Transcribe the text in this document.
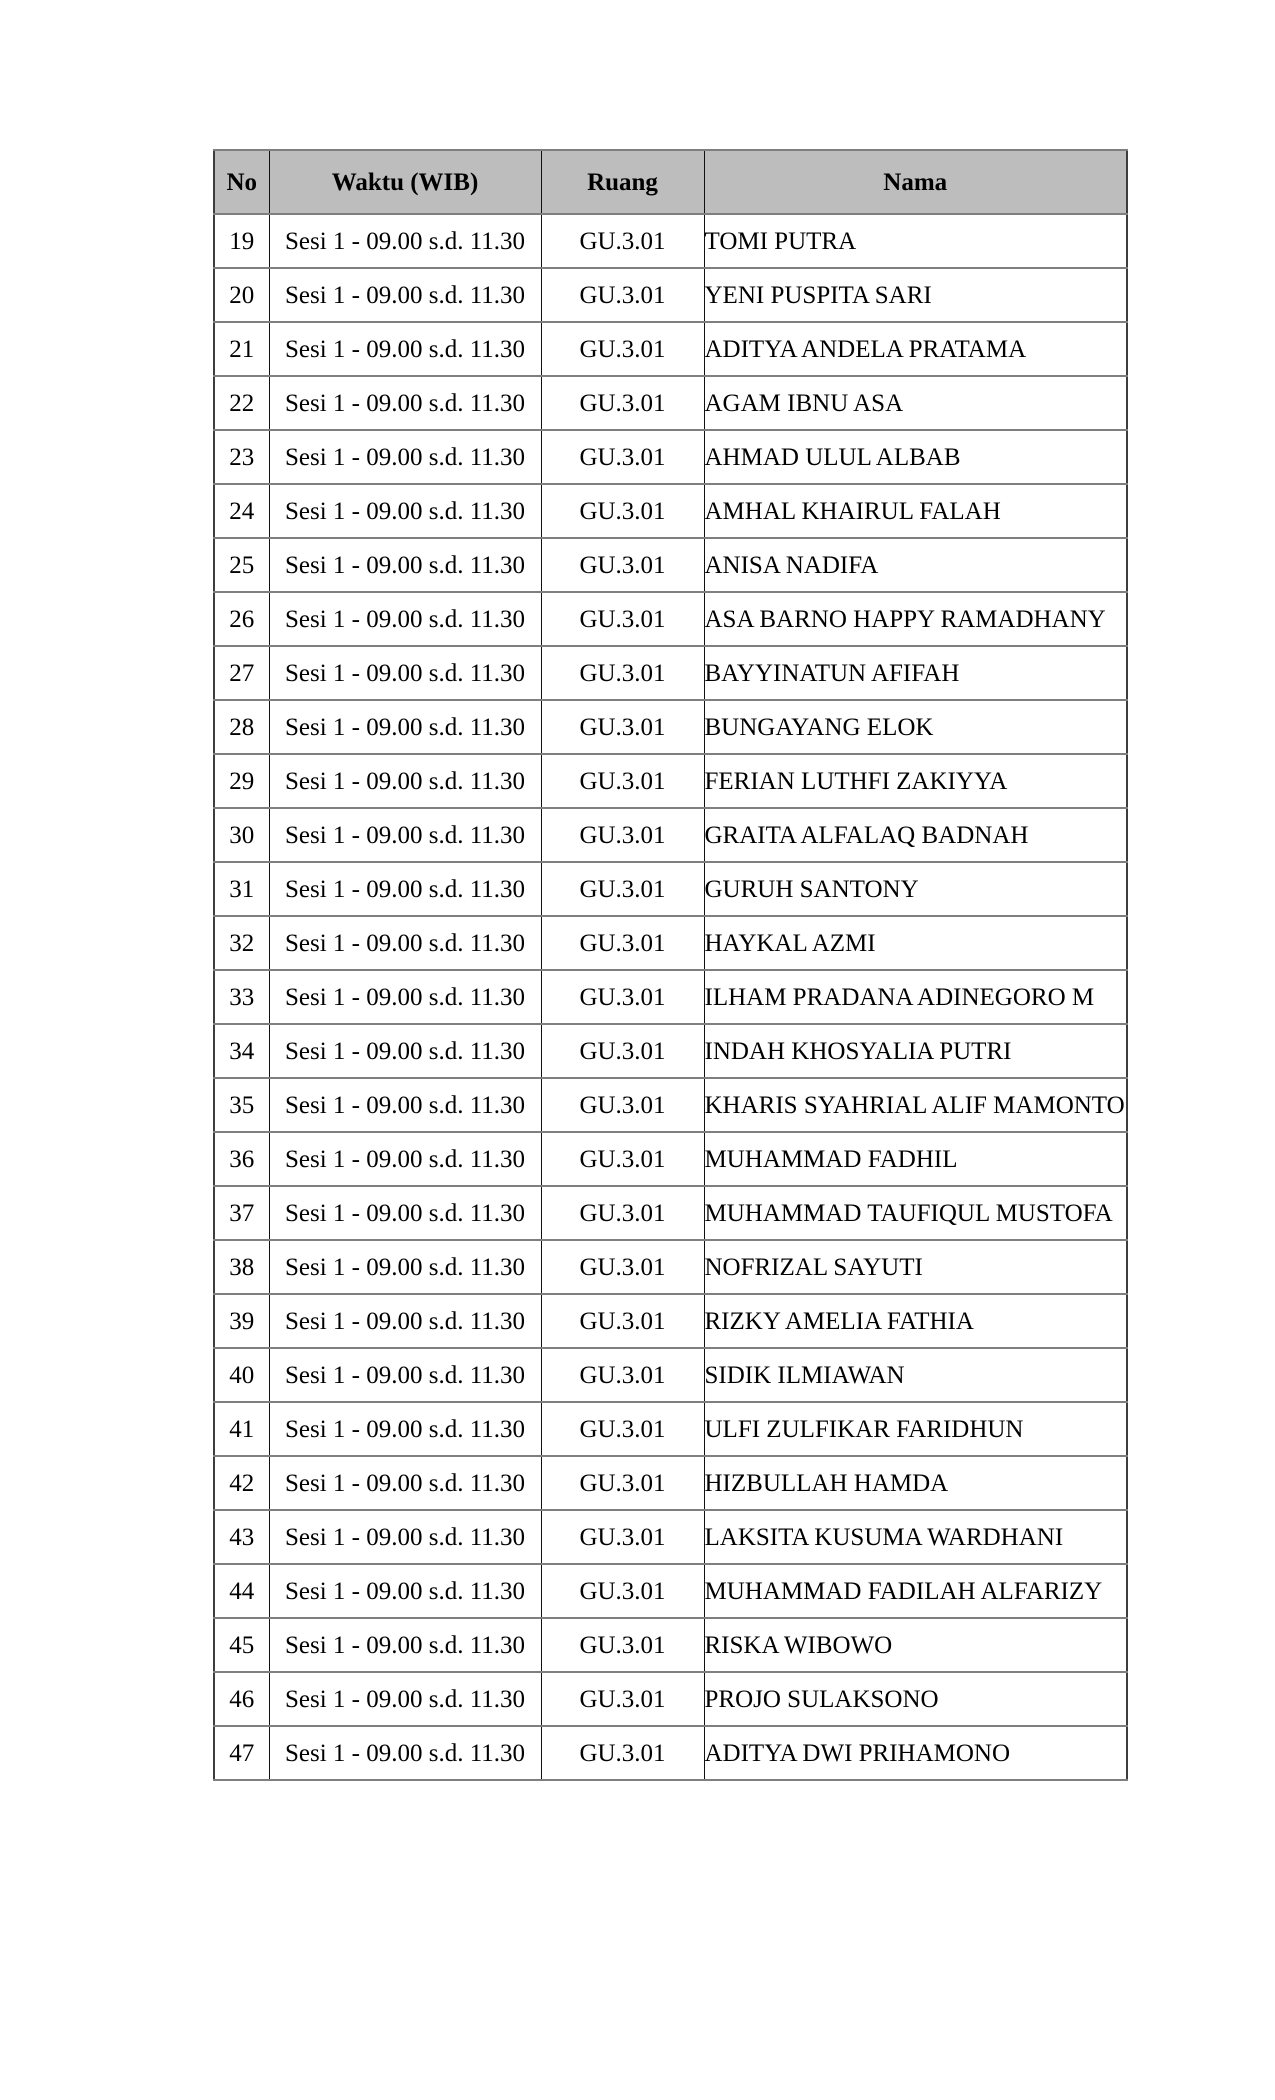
No	Waktu (WIB)	Ruang	Nama
19	Sesi 1 - 09.00 s.d. 11.30	GU.3.01	TOMI PUTRA
20	Sesi 1 - 09.00 s.d. 11.30	GU.3.01	YENI PUSPITA SARI
21	Sesi 1 - 09.00 s.d. 11.30	GU.3.01	ADITYA ANDELA PRATAMA
22	Sesi 1 - 09.00 s.d. 11.30	GU.3.01	AGAM IBNU ASA
23	Sesi 1 - 09.00 s.d. 11.30	GU.3.01	AHMAD ULUL ALBAB
24	Sesi 1 - 09.00 s.d. 11.30	GU.3.01	AMHAL KHAIRUL FALAH
25	Sesi 1 - 09.00 s.d. 11.30	GU.3.01	ANISA NADIFA
26	Sesi 1 - 09.00 s.d. 11.30	GU.3.01	ASA BARNO HAPPY RAMADHANY
27	Sesi 1 - 09.00 s.d. 11.30	GU.3.01	BAYYINATUN AFIFAH
28	Sesi 1 - 09.00 s.d. 11.30	GU.3.01	BUNGAYANG ELOK
29	Sesi 1 - 09.00 s.d. 11.30	GU.3.01	FERIAN LUTHFI ZAKIYYA
30	Sesi 1 - 09.00 s.d. 11.30	GU.3.01	GRAITA ALFALAQ BADNAH
31	Sesi 1 - 09.00 s.d. 11.30	GU.3.01	GURUH SANTONY
32	Sesi 1 - 09.00 s.d. 11.30	GU.3.01	HAYKAL AZMI
33	Sesi 1 - 09.00 s.d. 11.30	GU.3.01	ILHAM PRADANA ADINEGORO M
34	Sesi 1 - 09.00 s.d. 11.30	GU.3.01	INDAH KHOSYALIA PUTRI
35	Sesi 1 - 09.00 s.d. 11.30	GU.3.01	KHARIS SYAHRIAL ALIF MAMONTO
36	Sesi 1 - 09.00 s.d. 11.30	GU.3.01	MUHAMMAD FADHIL
37	Sesi 1 - 09.00 s.d. 11.30	GU.3.01	MUHAMMAD TAUFIQUL MUSTOFA
38	Sesi 1 - 09.00 s.d. 11.30	GU.3.01	NOFRIZAL SAYUTI
39	Sesi 1 - 09.00 s.d. 11.30	GU.3.01	RIZKY AMELIA FATHIA
40	Sesi 1 - 09.00 s.d. 11.30	GU.3.01	SIDIK ILMIAWAN
41	Sesi 1 - 09.00 s.d. 11.30	GU.3.01	ULFI ZULFIKAR FARIDHUN
42	Sesi 1 - 09.00 s.d. 11.30	GU.3.01	HIZBULLAH HAMDA
43	Sesi 1 - 09.00 s.d. 11.30	GU.3.01	LAKSITA KUSUMA WARDHANI
44	Sesi 1 - 09.00 s.d. 11.30	GU.3.01	MUHAMMAD FADILAH ALFARIZY
45	Sesi 1 - 09.00 s.d. 11.30	GU.3.01	RISKA WIBOWO
46	Sesi 1 - 09.00 s.d. 11.30	GU.3.01	PROJO SULAKSONO
47	Sesi 1 - 09.00 s.d. 11.30	GU.3.01	ADITYA DWI PRIHAMONO
